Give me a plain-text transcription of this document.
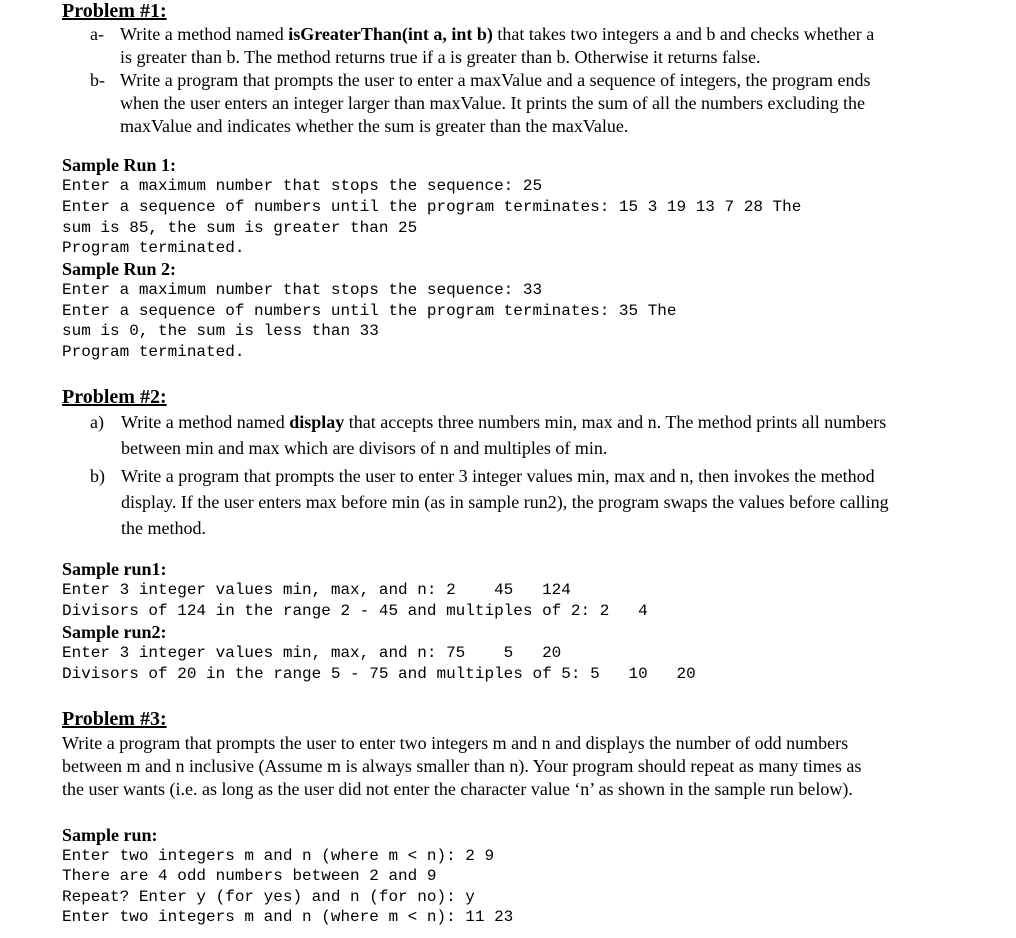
Problem #1:
a- Write a method named isGreaterThan(int a, int b) that takes two integers a and b and checks whether a

is greater than b. The method returns true if a is greater than b. Otherwise it returns false.

b- Write a program that prompts the user to enter a maxValue and a sequence of integers, the program ends

when the user enters an integer larger than maxValue. It prints the sum of all the numbers excluding the

maxValue and indicates whether the sum is greater than the maxValue.

Sample Run 1:

Enter a maximum number that stops the sequence: 25

Enter a sequence of numbers until the program terminates: 15 3 19 13 7 28 The

sum is 85, the sum is greater than 25

Program terminated.

Sample Run 2:

Enter a maximum number that stops the sequence: 33

Enter a sequence of numbers until the program terminates: 35 The

sum is 0, the sum is less than 33

Program terminated.

Problem #2:
a) Write a method named display that accepts three numbers min, max and n. The method prints all numbers

between min and max which are divisors of n and multiples of min.

b) Write a program that prompts the user to enter 3 integer values min, max and n, then invokes the method

display. If the user enters max before min (as in sample run2), the program swaps the values before calling

the method.

Sample run1:

Enter 3 integer values min, max, and n: 2    45   124

Divisors of 124 in the range 2 - 45 and multiples of 2: 2   4

Sample run2:

Enter 3 integer values min, max, and n: 75    5   20

Divisors of 20 in the range 5 - 75 and multiples of 5: 5   10   20

Problem #3:

Write a program that prompts the user to enter two integers m and n and displays the number of odd numbers

between m and n inclusive (Assume m is always smaller than n). Your program should repeat as many times as

the user wants (i.e. as long as the user did not enter the character value ‘n’ as shown in the sample run below).

Sample run:

Enter two integers m and n (where m < n): 2 9

There are 4 odd numbers between 2 and 9

Repeat? Enter y (for yes) and n (for no): y

Enter two integers m and n (where m < n): 11 23
